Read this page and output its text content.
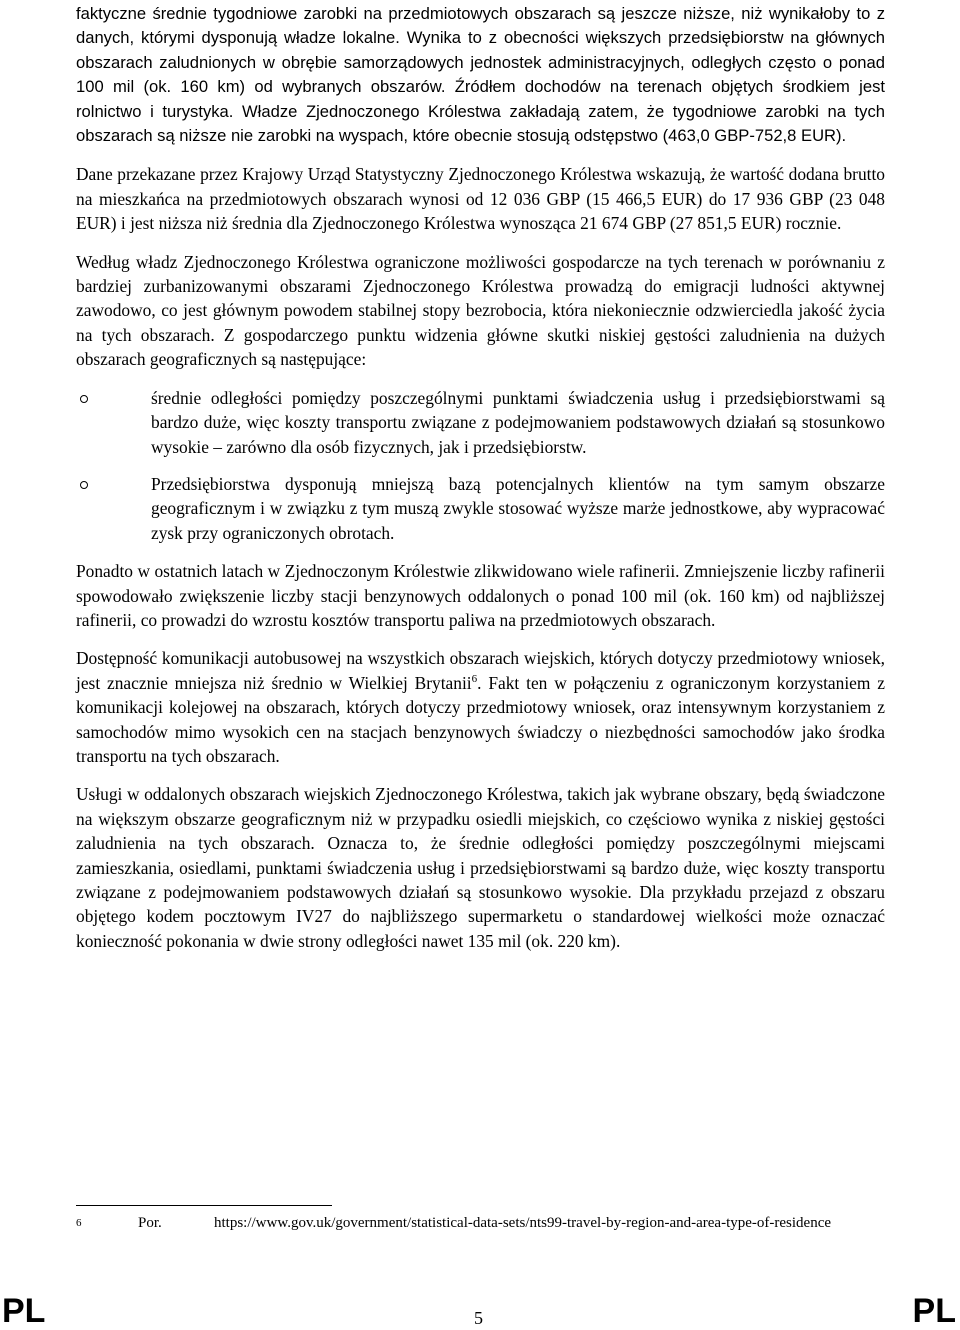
faktyczne średnie tygodniowe zarobki na przedmiotowych obszarach są jeszcze niższe, niż wynikałoby to z danych, którymi dysponują władze lokalne. Wynika to z obecności większych przedsiębiorstw na głównych obszarach zaludnionych w obrębie samorządowych jednostek administracyjnych, odległych często o ponad 100 mil (ok. 160 km) od wybranych obszarów. Źródłem dochodów na terenach objętych środkiem jest rolnictwo i turystyka. Władze Zjednoczonego Królestwa zakładają zatem, że tygodniowe zarobki na tych obszarach są niższe nie zarobki na wyspach, które obecnie stosują odstępstwo (463,0 GBP-752,8 EUR).

Dane przekazane przez Krajowy Urząd Statystyczny Zjednoczonego Królestwa wskazują, że wartość dodana brutto na mieszkańca na przedmiotowych obszarach wynosi od 12 036 GBP (15 466,5 EUR) do 17 936 GBP (23 048 EUR) i jest niższa niż średnia dla Zjednoczonego Królestwa wynosząca 21 674 GBP (27 851,5 EUR) rocznie.

Według władz Zjednoczonego Królestwa ograniczone możliwości gospodarcze na tych terenach w porównaniu z bardziej zurbanizowanymi obszarami Zjednoczonego Królestwa prowadzą do emigracji ludności aktywnej zawodowo, co jest głównym powodem stabilnej stopy bezrobocia, która niekoniecznie odzwierciedla jakość życia na tych obszarach. Z gospodarczego punktu widzenia główne skutki niskiej gęstości zaludnienia na dużych obszarach geograficznych są następujące:

średnie odległości pomiędzy poszczególnymi punktami świadczenia usług i przedsiębiorstwami są bardzo duże, więc koszty transportu związane z podejmowaniem podstawowych działań są stosunkowo wysokie – zarówno dla osób fizycznych, jak i przedsiębiorstw.
Przedsiębiorstwa dysponują mniejszą bazą potencjalnych klientów na tym samym obszarze geograficznym i w związku z tym muszą zwykle stosować wyższe marże jednostkowe, aby wypracować zysk przy ograniczonych obrotach.

Ponadto w ostatnich latach w Zjednoczonym Królestwie zlikwidowano wiele rafinerii. Zmniejszenie liczby rafinerii spowodowało zwiększenie liczby stacji benzynowych oddalonych o ponad 100 mil (ok. 160 km) od najbliższej rafinerii, co prowadzi do wzrostu kosztów transportu paliwa na przedmiotowych obszarach.

Dostępność komunikacji autobusowej na wszystkich obszarach wiejskich, których dotyczy przedmiotowy wniosek, jest znacznie mniejsza niż średnio w Wielkiej Brytanii$^6$. Fakt ten w połączeniu z ograniczonym korzystaniem z komunikacji kolejowej na obszarach, których dotyczy przedmiotowy wniosek, oraz intensywnym korzystaniem z samochodów mimo wysokich cen na stacjach benzynowych świadczy o niezbędności samochodów jako środka transportu na tych obszarach.

Usługi w oddalonych obszarach wiejskich Zjednoczonego Królestwa, takich jak wybrane obszary, będą świadczone na większym obszarze geograficznym niż w przypadku osiedli miejskich, co częściowo wynika z niskiej gęstości zaludnienia na tych obszarach. Oznacza to, że średnie odległości pomiędzy poszczególnymi miejscami zamieszkania, osiedlami, punktami świadczenia usług i przedsiębiorstwami są bardzo duże, więc koszty transportu związane z podejmowaniem podstawowych działań są stosunkowo wysokie. Dla przykładu przejazd z obszaru objętego kodem pocztowym IV27 do najbliższego supermarketu o standardowej wielkości może oznaczać konieczność pokonania w dwie strony odległości nawet 135 mil (ok. 220 km).

6	Por.	https://www.gov.uk/government/statistical-data-sets/nts99-travel-by-region-and-area-type-of-residence
PL	5	PL
